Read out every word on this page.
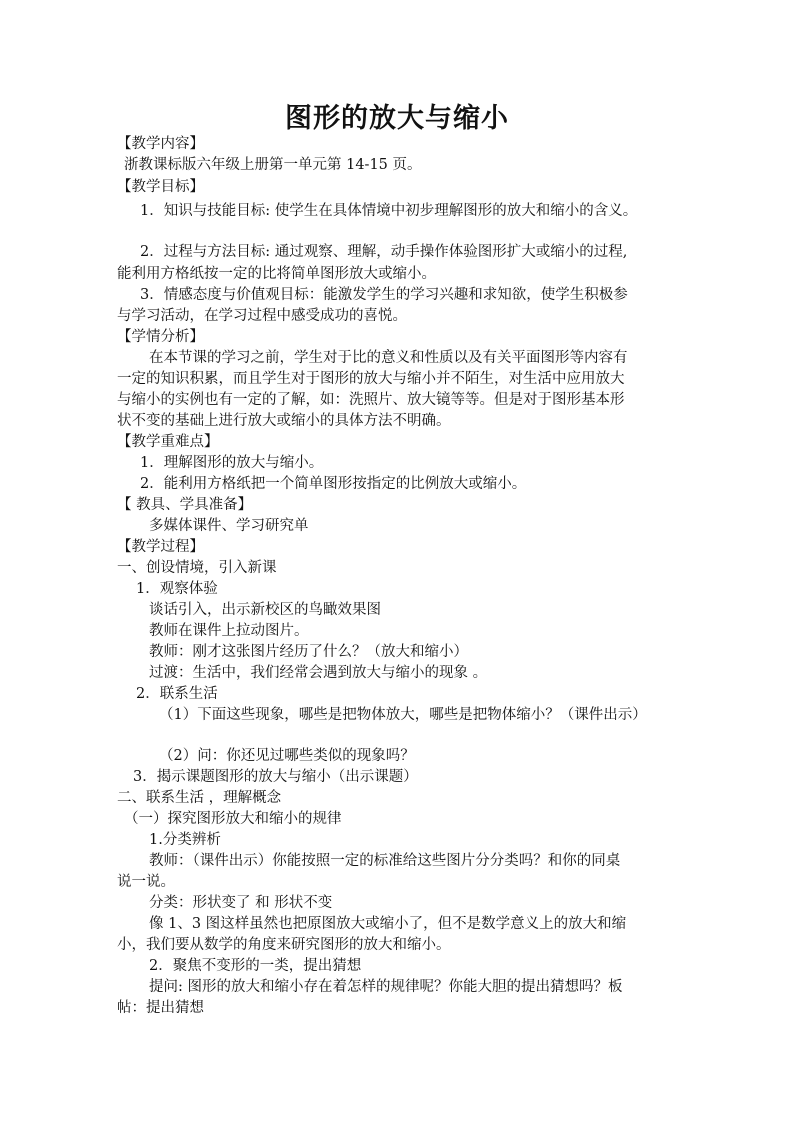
图形的放大与缩小
【教学内容】
浙教课标版六年级上册第一单元第 14-15 页。
【教学目标】
1．知识与技能目标: 使学生在具体情境中初步理解图形的放大和缩小的含义。
2．过程与方法目标: 通过观察、理解，动手操作体验图形扩大或缩小的过程,
能利用方格纸按一定的比将简单图形放大或缩小。
3．情感态度与价值观目标：能激发学生的学习兴趣和求知欲，使学生积极参
与学习活动，在学习过程中感受成功的喜悦。
【学情分析】
在本节课的学习之前，学生对于比的意义和性质以及有关平面图形等内容有
一定的知识积累，而且学生对于图形的放大与缩小并不陌生，对生活中应用放大
与缩小的实例也有一定的了解，如：洗照片、放大镜等等。但是对于图形基本形
状不变的基础上进行放大或缩小的具体方法不明确。
【教学重难点】
1．理解图形的放大与缩小。
2．能利用方格纸把一个简单图形按指定的比例放大或缩小。
【 教具、学具准备】
多媒体课件、学习研究单
【教学过程】
一、创设情境，引入新课
1．观察体验
谈话引入，出示新校区的鸟瞰效果图
教师在课件上拉动图片。
教师：刚才这张图片经历了什么？（放大和缩小）
过渡：生活中，我们经常会遇到放大与缩小的现象 。
2．联系生活
（1）下面这些现象，哪些是把物体放大，哪些是把物体缩小？（课件出示）
（2）问：你还见过哪些类似的现象吗？
3．揭示课题图形的放大与缩小（出示课题）
二、联系生活 ，理解概念
（一）探究图形放大和缩小的规律
1.分类辨析
教师：（课件出示）你能按照一定的标准给这些图片分分类吗？和你的同桌
说一说。
分类：形状变了 和 形状不变
像 1、3 图这样虽然也把原图放大或缩小了，但不是数学意义上的放大和缩
小，我们要从数学的角度来研究图形的放大和缩小。
2．聚焦不变形的一类，提出猜想
提问: 图形的放大和缩小存在着怎样的规律呢？你能大胆的提出猜想吗？板
帖：提出猜想
